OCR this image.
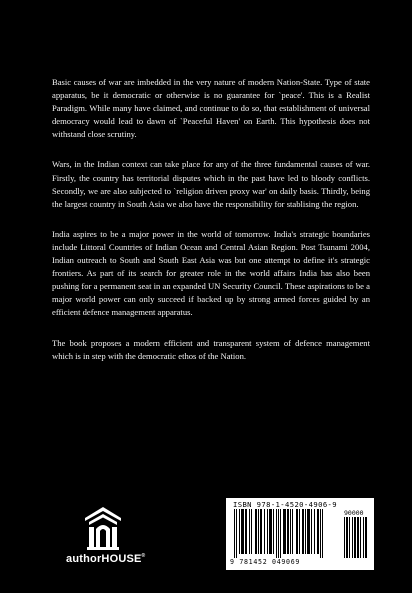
Basic causes of war are imbedded in the very nature of modern Nation-State. Type of state apparatus, be it democratic or otherwise is no guarantee for `peace'. This is a Realist Paradigm. While many have claimed, and continue to do so, that establishment of universal democracy would lead to dawn of `Peaceful Haven' on Earth. This hypothesis does not withstand close scrutiny.

Wars, in the Indian context can take place for any of the three fundamental causes of war. Firstly, the country has territorial disputes which in the past have led to bloody conflicts. Secondly, we are also subjected to `religion driven proxy war' on daily basis. Thirdly, being the largest country in South Asia we also have the responsibility for stablising the region.

India aspires to be a major power in the world of tomorrow. India's strategic boundaries include Littoral Countries of Indian Ocean and Central Asian Region. Post Tsunami 2004, Indian outreach to South and South East Asia was but one attempt to define it's strategic frontiers. As part of its search for greater role in the world affairs India has also been pushing for a permanent seat in an expanded UN Security Council. These aspirations to be a major world power can only succeed if backed up by strong armed forces guided by an efficient defence management apparatus.

The book proposes a modern efficient and transparent system of defence management which is in step with the democratic ethos of the Nation.

authorHOUSE®
ISBN 978-1-4520-4906-9
90000
9 781452 049069
